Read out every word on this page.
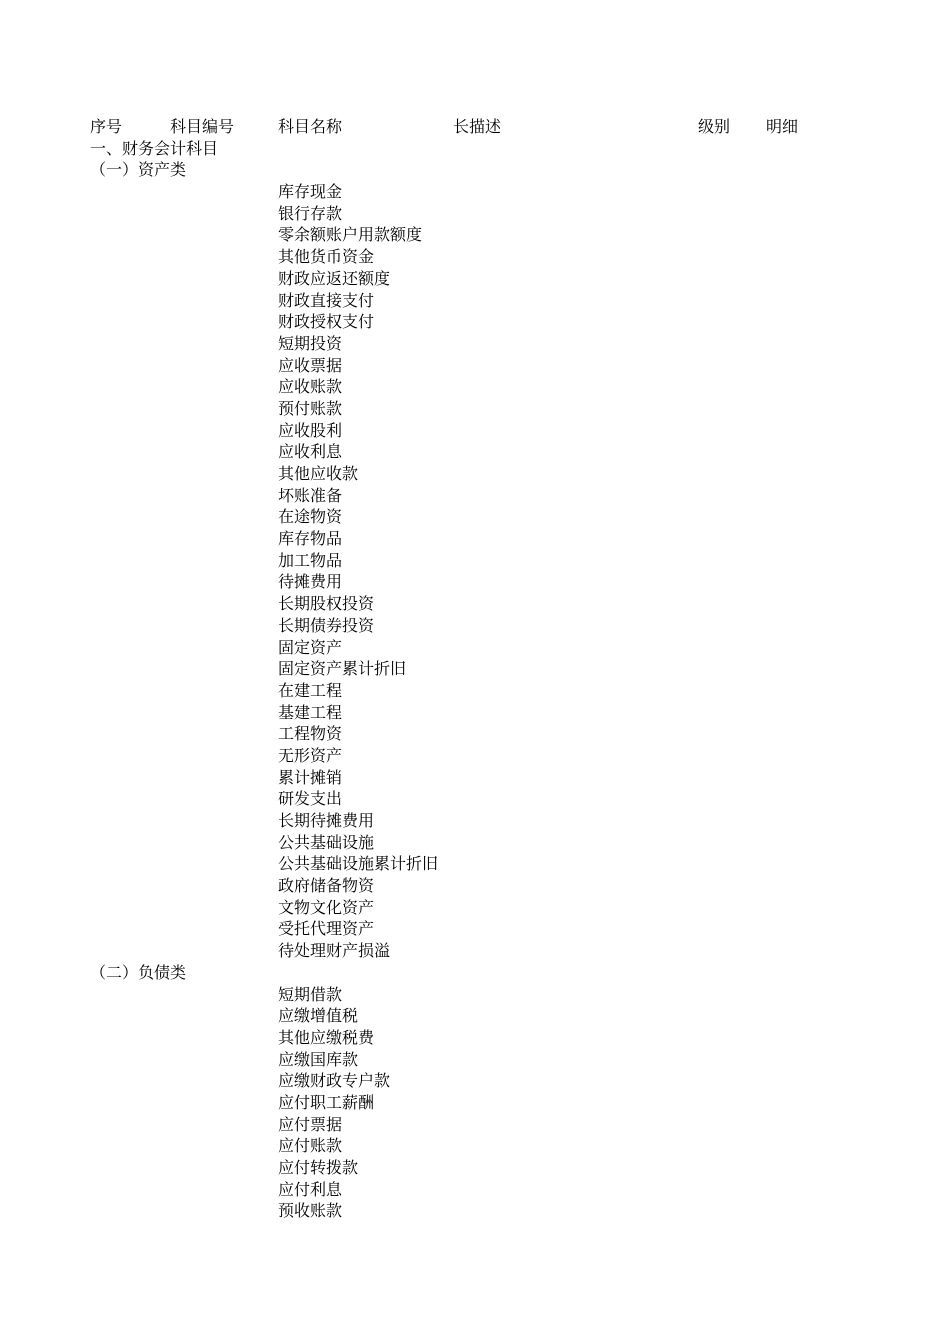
序号	科目编号	科目名称	长描述	级别 明细
一、财务会计科目
（一）资产类
库存现金
银行存款
零余额账户用款额度
其他货币资金
财政应返还额度
财政直接支付
财政授权支付
短期投资
应收票据
应收账款
预付账款
应收股利
应收利息
其他应收款
坏账准备
在途物资
库存物品
加工物品
待摊费用
长期股权投资
长期债券投资
固定资产
固定资产累计折旧
在建工程
基建工程
工程物资
无形资产
累计摊销
研发支出
长期待摊费用
公共基础设施
公共基础设施累计折旧
政府储备物资
文物文化资产
受托代理资产
待处理财产损溢
（二）负债类
短期借款
应缴增值税
其他应缴税费
应缴国库款
应缴财政专户款
应付职工薪酬
应付票据
应付账款
应付转拨款
应付利息
预收账款
